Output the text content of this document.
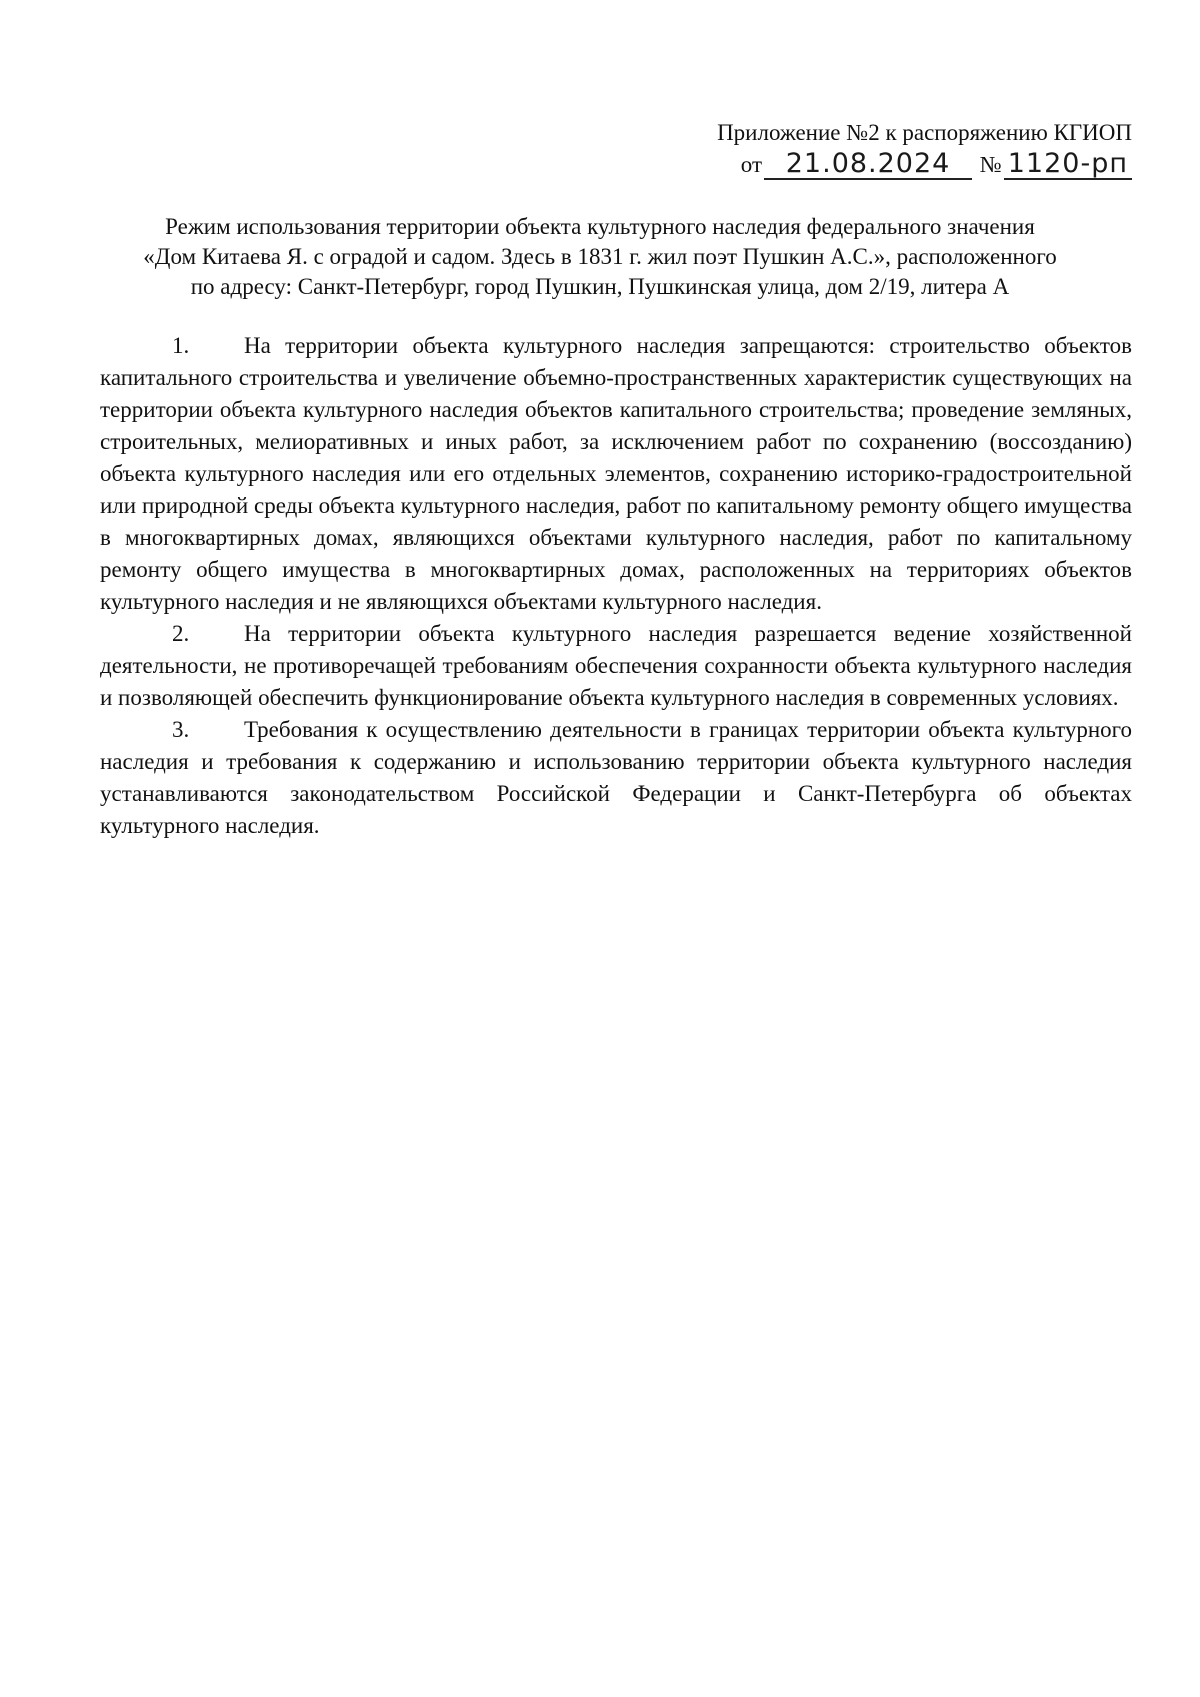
Приложение №2 к распоряжению КГИОП
от 21.08.2024 № 1120-рп
Режим использования территории объекта культурного наследия федерального значения
«Дом Китаева Я. с оградой и садом. Здесь в 1831 г. жил поэт Пушкин А.С.», расположенного
по адресу: Санкт-Петербург, город Пушкин, Пушкинская улица, дом 2/19, литера А

1. На территории объекта культурного наследия запрещаются: строительство объектов капитального строительства и увеличение объемно-пространственных характеристик существующих на территории объекта культурного наследия объектов капитального строительства; проведение земляных, строительных, мелиоративных и иных работ, за исключением работ по сохранению (воссозданию) объекта культурного наследия или его отдельных элементов, сохранению историко-градостроительной или природной среды объекта культурного наследия, работ по капитальному ремонту общего имущества в многоквартирных домах, являющихся объектами культурного наследия, работ по капитальному ремонту общего имущества в многоквартирных домах, расположенных на территориях объектов культурного наследия и не являющихся объектами культурного наследия.

2. На территории объекта культурного наследия разрешается ведение хозяйственной деятельности, не противоречащей требованиям обеспечения сохранности объекта культурного наследия и позволяющей обеспечить функционирование объекта культурного наследия в современных условиях.

3. Требования к осуществлению деятельности в границах территории объекта культурного наследия и требования к содержанию и использованию территории объекта культурного наследия устанавливаются законодательством Российской Федерации и Санкт-Петербурга об объектах культурного наследия.
